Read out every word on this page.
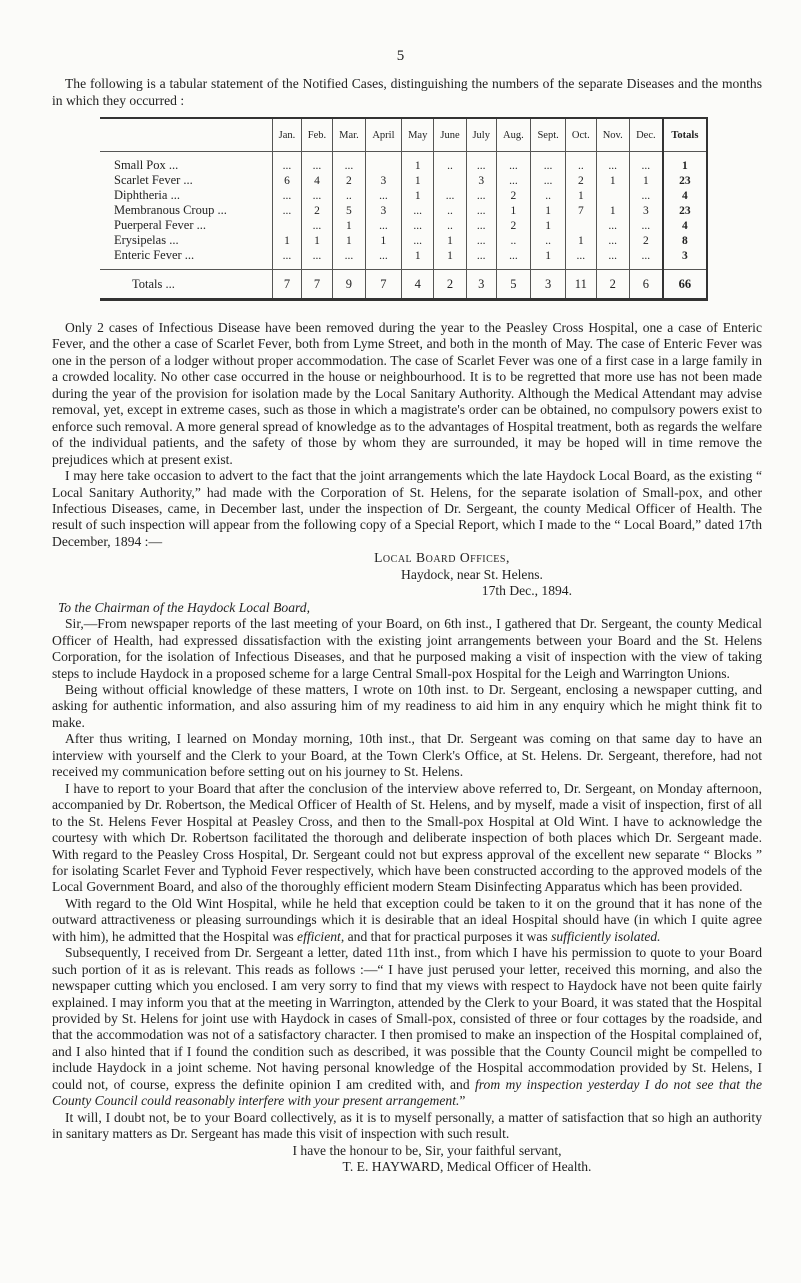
5
The following is a tabular statement of the Notified Cases, distinguishing the numbers of the separate Diseases and the months in which they occurred :
	Jan.	Feb.	Mar.	April	May	June	July	Aug.	Sept.	Oct.	Nov.	Dec.	Totals
Small Pox ...	...	...	...		1	..	...	...	...	..	...	...	1
Scarlet Fever ...	6	4	2	3	1		3	...	...	2	1	1	23
Diphtheria ...	...	...	..	...	1	...	...	2	..	1		...	4
Membranous Croup ...	...	2	5	3	...	..	...	1	1	7	1	3	23
Puerperal Fever ...		...	1	...	...	..	...	2	1		...	...	4
Erysipelas ...	1	1	1	1	...	1	...	..	..	1	...	2	8
Enteric Fever ...	...	...	...	...	1	1	...	...	1	...	...	...	3
Totals ...	7	7	9	7	4	2	3	5	3	11	2	6	66

Only 2 cases of Infectious Disease have been removed during the year to the Peasley Cross Hospital, one a case of Enteric Fever, and the other a case of Scarlet Fever, both from Lyme Street, and both in the month of May. The case of Enteric Fever was one in the person of a lodger without proper accommodation. The case of Scarlet Fever was one of a first case in a large family in a crowded locality. No other case occurred in the house or neighbourhood. It is to be regretted that more use has not been made during the year of the provision for isolation made by the Local Sanitary Authority. Although the Medical Attendant may advise removal, yet, except in extreme cases, such as those in which a magistrate's order can be obtained, no compulsory powers exist to enforce such removal. A more general spread of knowledge as to the advantages of Hospital treatment, both as regards the welfare of the individual patients, and the safety of those by whom they are surrounded, it may be hoped will in time remove the prejudices which at present exist.

I may here take occasion to advert to the fact that the joint arrangements which the late Haydock Local Board, as the existing “ Local Sanitary Authority,” had made with the Corporation of St. Helens, for the separate isolation of Small-pox, and other Infectious Diseases, came, in December last, under the inspection of Dr. Sergeant, the county Medical Officer of Health. The result of such inspection will appear from the following copy of a Special Report, which I made to the “ Local Board,” dated 17th December, 1894 :—

Local Board Offices,
Haydock, near St. Helens.
17th Dec., 1894.
To the Chairman of the Haydock Local Board,

Sir,—From newspaper reports of the last meeting of your Board, on 6th inst., I gathered that Dr. Sergeant, the county Medical Officer of Health, had expressed dissatisfaction with the existing joint arrangements between your Board and the St. Helens Corporation, for the isolation of Infectious Diseases, and that he purposed making a visit of inspection with the view of taking steps to include Haydock in a proposed scheme for a large Central Small-pox Hospital for the Leigh and Warrington Unions.

Being without official knowledge of these matters, I wrote on 10th inst. to Dr. Sergeant, enclosing a newspaper cutting, and asking for authentic information, and also assuring him of my readiness to aid him in any enquiry which he might think fit to make.

After thus writing, I learned on Monday morning, 10th inst., that Dr. Sergeant was coming on that same day to have an interview with yourself and the Clerk to your Board, at the Town Clerk's Office, at St. Helens. Dr. Sergeant, therefore, had not received my communication before setting out on his journey to St. Helens.

I have to report to your Board that after the conclusion of the interview above referred to, Dr. Sergeant, on Monday afternoon, accompanied by Dr. Robertson, the Medical Officer of Health of St. Helens, and by myself, made a visit of inspection, first of all to the St. Helens Fever Hospital at Peasley Cross, and then to the Small-pox Hospital at Old Wint. I have to acknowledge the courtesy with which Dr. Robertson facilitated the thorough and deliberate inspection of both places which Dr. Sergeant made. With regard to the Peasley Cross Hospital, Dr. Sergeant could not but express approval of the excellent new separate “ Blocks ” for isolating Scarlet Fever and Typhoid Fever respectively, which have been constructed according to the approved models of the Local Government Board, and also of the thoroughly efficient modern Steam Disinfecting Apparatus which has been provided.

With regard to the Old Wint Hospital, while he held that exception could be taken to it on the ground that it has none of the outward attractiveness or pleasing surroundings which it is desirable that an ideal Hospital should have (in which I quite agree with him), he admitted that the Hospital was efficient, and that for practical purposes it was sufficiently isolated.

Subsequently, I received from Dr. Sergeant a letter, dated 11th inst., from which I have his permission to quote to your Board such portion of it as is relevant. This reads as follows :—“ I have just perused your letter, received this morning, and also the newspaper cutting which you enclosed. I am very sorry to find that my views with respect to Haydock have not been quite fairly explained. I may inform you that at the meeting in Warrington, attended by the Clerk to your Board, it was stated that the Hospital provided by St. Helens for joint use with Haydock in cases of Small-pox, consisted of three or four cottages by the roadside, and that the accommodation was not of a satisfactory character. I then promised to make an inspection of the Hospital complained of, and I also hinted that if I found the condition such as described, it was possible that the County Council might be compelled to include Haydock in a joint scheme. Not having personal knowledge of the Hospital accommodation provided by St. Helens, I could not, of course, express the definite opinion I am credited with, and from my inspection yesterday I do not see that the County Council could reasonably interfere with your present arrangement.”

It will, I doubt not, be to your Board collectively, as it is to myself personally, a matter of satisfaction that so high an authority in sanitary matters as Dr. Sergeant has made this visit of inspection with such result.

I have the honour to be, Sir, your faithful servant,
T. E. HAYWARD, Medical Officer of Health.
